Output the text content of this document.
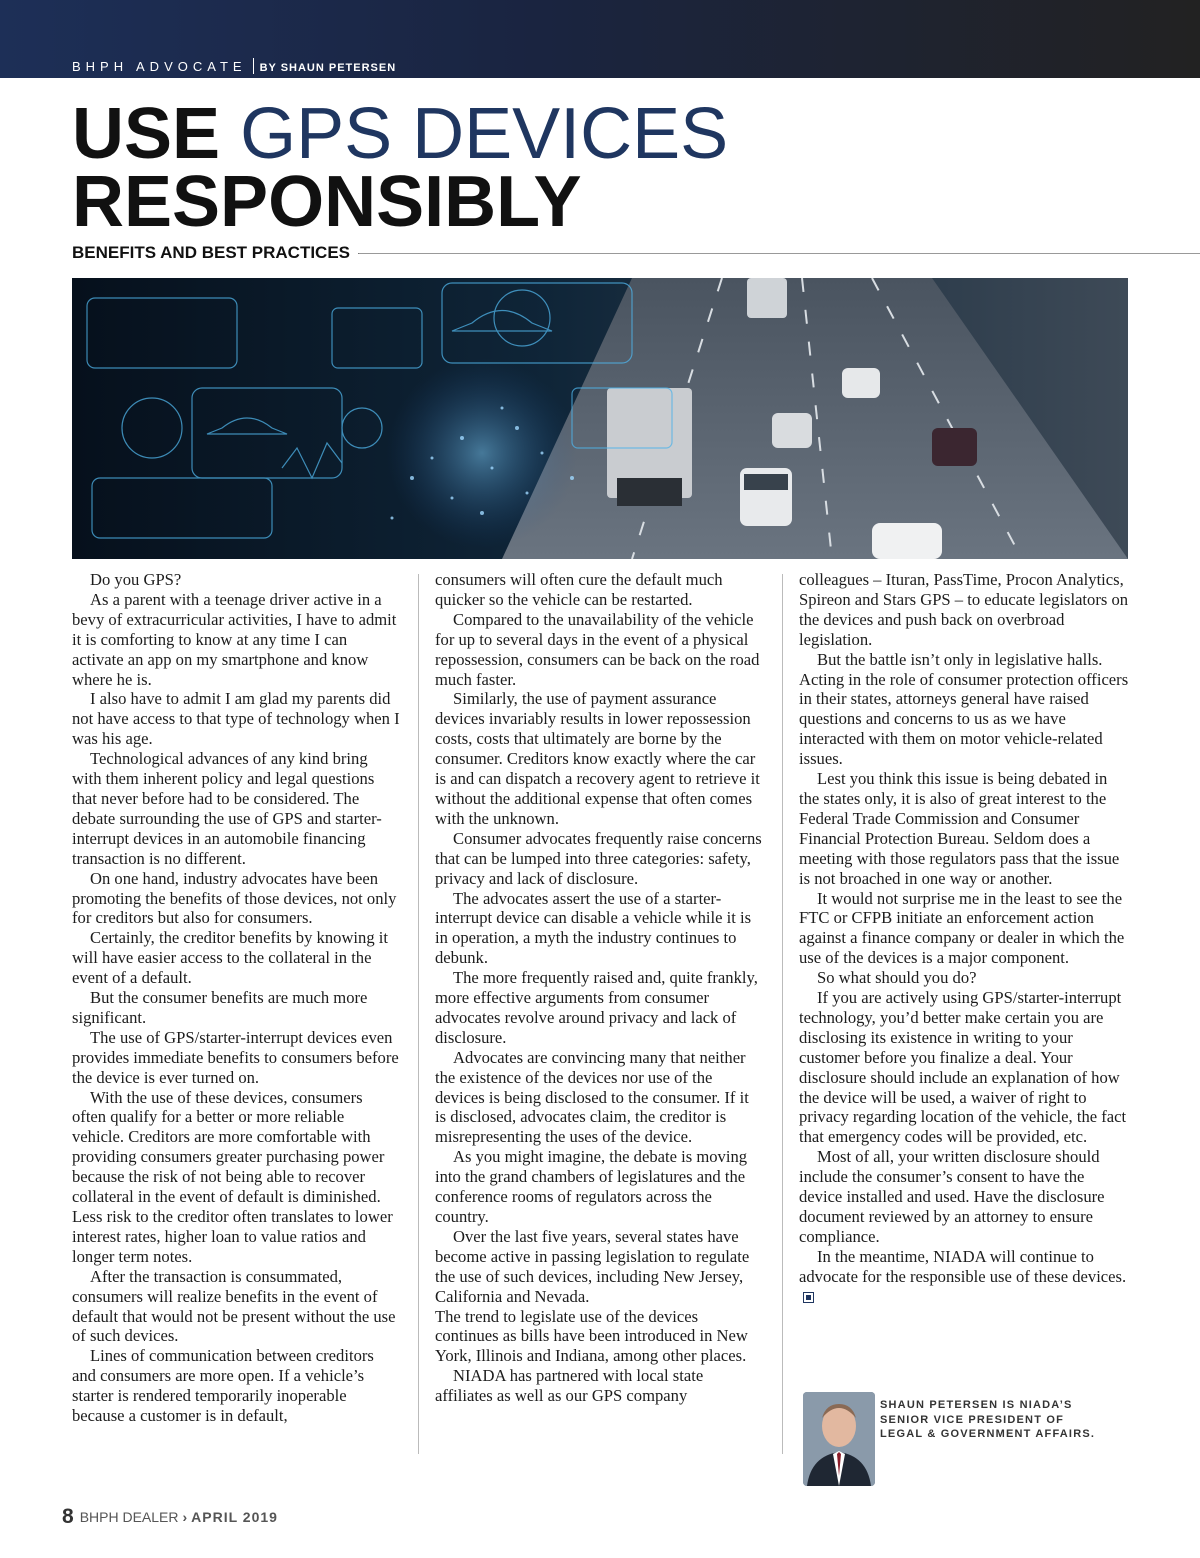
BHPH ADVOCATE BY SHAUN PETERSEN
USE GPS DEVICES
RESPONSIBLY
BENEFITS AND BEST PRACTICES

Do you GPS?

As a parent with a teenage driver active in a bevy of extracurricular activities, I have to admit it is comforting to know at any time I can activate an app on my smartphone and know where he is.

I also have to admit I am glad my parents did not have access to that type of technology when I was his age.

Technological advances of any kind bring with them inherent policy and legal questions that never before had to be considered. The debate surrounding the use of GPS and starter-interrupt devices in an automobile financing transaction is no different.

On one hand, industry advocates have been promoting the benefits of those devices, not only for creditors but also for consumers.

Certainly, the creditor benefits by knowing it will have easier access to the collateral in the event of a default.

But the consumer benefits are much more significant.

The use of GPS/starter-interrupt devices even provides immediate benefits to consumers before the device is ever turned on.

With the use of these devices, consumers often qualify for a better or more reliable vehicle. Creditors are more comfortable with providing consumers greater purchasing power because the risk of not being able to recover collateral in the event of default is diminished. Less risk to the creditor often translates to lower interest rates, higher loan to value ratios and longer term notes.

After the transaction is consummated, consumers will realize benefits in the event of default that would not be present without the use of such devices.

Lines of communication between creditors and consumers are more open. If a vehicle’s starter is rendered temporarily inoperable because a customer is in default,

consumers will often cure the default much quicker so the vehicle can be restarted.

Compared to the unavailability of the vehicle for up to several days in the event of a physical repossession, consumers can be back on the road much faster.

Similarly, the use of payment assurance devices invariably results in lower repossession costs, costs that ultimately are borne by the consumer. Creditors know exactly where the car is and can dispatch a recovery agent to retrieve it without the additional expense that often comes with the unknown.

Consumer advocates frequently raise concerns that can be lumped into three categories: safety, privacy and lack of disclosure.

The advocates assert the use of a starter-interrupt device can disable a vehicle while it is in operation, a myth the industry continues to debunk.

The more frequently raised and, quite frankly, more effective arguments from consumer advocates revolve around privacy and lack of disclosure.

Advocates are convincing many that neither the existence of the devices nor use of the devices is being disclosed to the consumer. If it is disclosed, advocates claim, the creditor is misrepresenting the uses of the device.

As you might imagine, the debate is moving into the grand chambers of legislatures and the conference rooms of regulators across the country.

Over the last five years, several states have become active in passing legislation to regulate the use of such devices, including New Jersey, California and Nevada.

The trend to legislate use of the devices continues as bills have been introduced in New York, Illinois and Indiana, among other places.

NIADA has partnered with local state affiliates as well as our GPS company

colleagues – Ituran, PassTime, Procon Analytics, Spireon and Stars GPS – to educate legislators on the devices and push back on overbroad legislation.

But the battle isn’t only in legislative halls. Acting in the role of consumer protection officers in their states, attorneys general have raised questions and concerns to us as we have interacted with them on motor vehicle-related issues.

Lest you think this issue is being debated in the states only, it is also of great interest to the Federal Trade Commission and Consumer Financial Protection Bureau. Seldom does a meeting with those regulators pass that the issue is not broached in one way or another.

It would not surprise me in the least to see the FTC or CFPB initiate an enforcement action against a finance company or dealer in which the use of the devices is a major component.

So what should you do?

If you are actively using GPS/starter-interrupt technology, you’d better make certain you are disclosing its existence in writing to your customer before you finalize a deal. Your disclosure should include an explanation of how the device will be used, a waiver of right to privacy regarding location of the vehicle, the fact that emergency codes will be provided, etc.

Most of all, your written disclosure should include the consumer’s consent to have the device installed and used. Have the disclosure document reviewed by an attorney to ensure compliance.

In the meantime, NIADA will continue to advocate for the responsible use of these devices.

SHAUN PETERSEN IS NIADA’S SENIOR VICE PRESIDENT OF LEGAL & GOVERNMENT AFFAIRS.
8 BHPH DEALER › APRIL 2019
